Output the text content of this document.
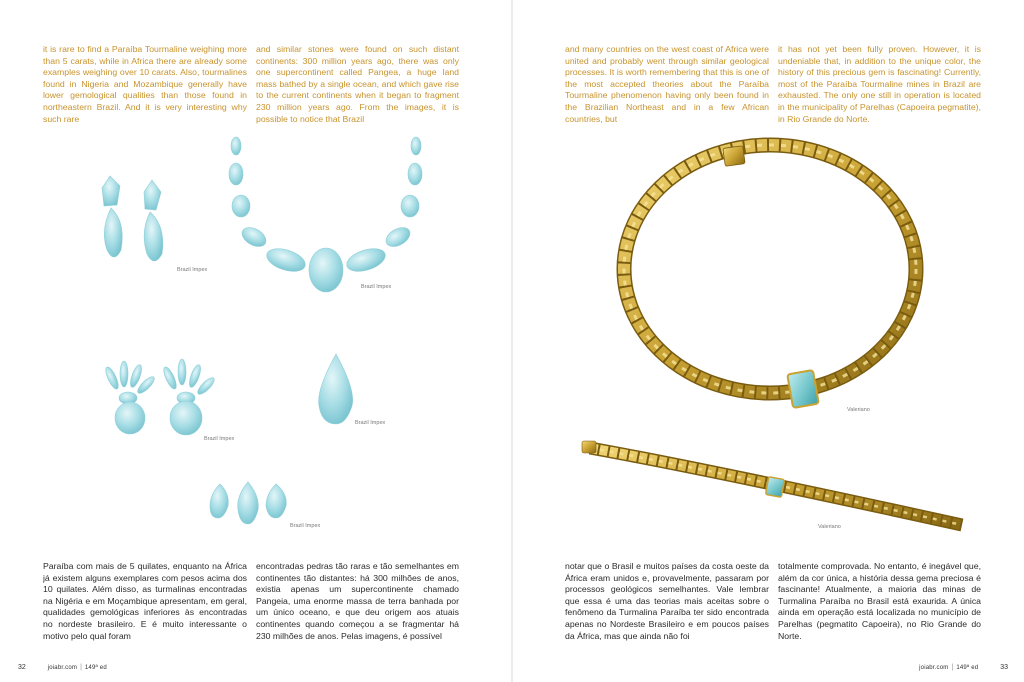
it is rare to find a Paraíba Tourmaline weighing more than 5 carats, while in Africa there are already some examples weighing over 10 carats. Also, tourmalines found in Nigeria and Mozambique generally have lower gemological qualities than those found in northeastern Brazil. And it is very interesting why such rare
and similar stones were found on such distant continents: 300 million years ago, there was only one supercontinent called Pangea, a huge land mass bathed by a single ocean, and which gave rise to the current continents when it began to fragment 230 million years ago. From the images, it is possible to notice that Brazil
Brazil Impex
Brazil Impex
Brazil Impex
Brazil Impex
Brazil Impex
Paraíba com mais de 5 quilates, enquanto na África já existem alguns exemplares com pesos acima dos 10 quilates. Além disso, as turmalinas encontradas na Nigéria e em Moçambique apresentam, em geral, qualidades gemológicas inferiores às encontradas no nordeste brasileiro. E é muito interessante o motivo pelo qual foram
encontradas pedras tão raras e tão semelhantes em continentes tão distantes: há 300 milhões de anos, existia apenas um supercontinente chamado Pangeia, uma enorme massa de terra banhada por um único oceano, e que deu origem aos atuais continentes quando começou a se fragmentar há 230 milhões de anos. Pelas imagens, é possível
32	joiabr.com | 149ª ed
and many countries on the west coast of Africa were united and probably went through similar geological processes. It is worth remembering that this is one of the most accepted theories about the Paraíba Tourmaline phenomenon having only been found in the Brazilian Northeast and in a few African countries, but
it has not yet been fully proven. However, it is undeniable that, in addition to the unique color, the history of this precious gem is fascinating! Currently, most of the Paraíba Tourmaline mines in Brazil are exhausted. The only one still in operation is located in the municipality of Parelhas (Capoeira pegmatite), in Rio Grande do Norte.
Valeriano
Valeriano
notar que o Brasil e muitos países da costa oeste da África eram unidos e, provavelmente, passaram por processos geológicos semelhantes. Vale lembrar que essa é uma das teorias mais aceitas sobre o fenômeno da Turmalina Paraíba ter sido encontrada apenas no Nordeste Brasileiro e em poucos países da África, mas que ainda não foi
totalmente comprovada. No entanto, é inegável que, além da cor única, a história dessa gema preciosa é fascinante! Atualmente, a maioria das minas de Turmalina Paraíba no Brasil está exaurida. A única ainda em operação está localizada no município de Parelhas (pegmatito Capoeira), no Rio Grande do Norte.
joiabr.com | 149ª ed	33
